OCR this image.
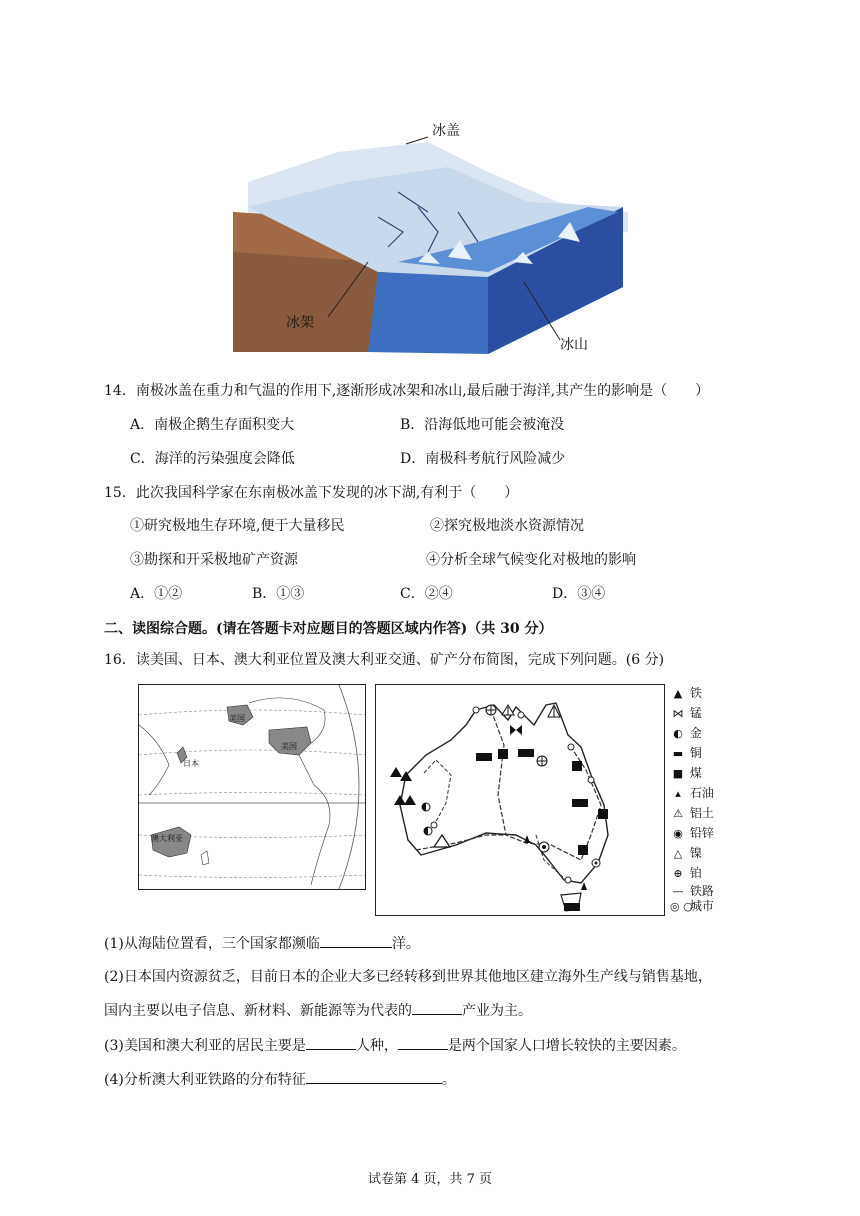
冰盖
冰架
冰山
14．南极冰盖在重力和气温的作用下,逐渐形成冰架和冰山,最后融于海洋,其产生的影响是（　　）
A．南极企鹅生存面积变大	B．沿海低地可能会被淹没
C．海洋的污染强度会降低	D．南极科考航行风险减少
15．此次我国科学家在东南极冰盖下发现的冰下湖,有利于（　　）
①研究极地生存环境,便于大量移民	②探究极地淡水资源情况
③勘探和开采极地矿产资源	④分析全球气候变化对极地的影响
A．①②	B．①③	C．②④	D．③④
二、读图综合题。(请在答题卡对应题目的答题区域内作答)（共 30 分）
16．读美国、日本、澳大利亚位置及澳大利亚交通、矿产分布简图，完成下列问题。(6 分)
美国
美国
日本
澳大利亚
▲ 铁
⋈ 锰
◐ 金
▬ 铜
■ 煤
▴ 石油
⚠ 铝土
◉ 铅锌
△ 镍
⊕ 铂
— 铁路
◎ ○ 城市
(1)从海陆位置看，三个国家都濒临	洋。
(2)日本国内资源贫乏，目前日本的企业大多已经转移到世界其他地区建立海外生产线与销售基地，
国内主要以电子信息、新材料、新能源等为代表的	产业为主。
(3)美国和澳大利亚的居民主要是	人种，	是两个国家人口增长较快的主要因素。
(4)分析澳大利亚铁路的分布特征	。
试卷第 4 页，共 7 页
